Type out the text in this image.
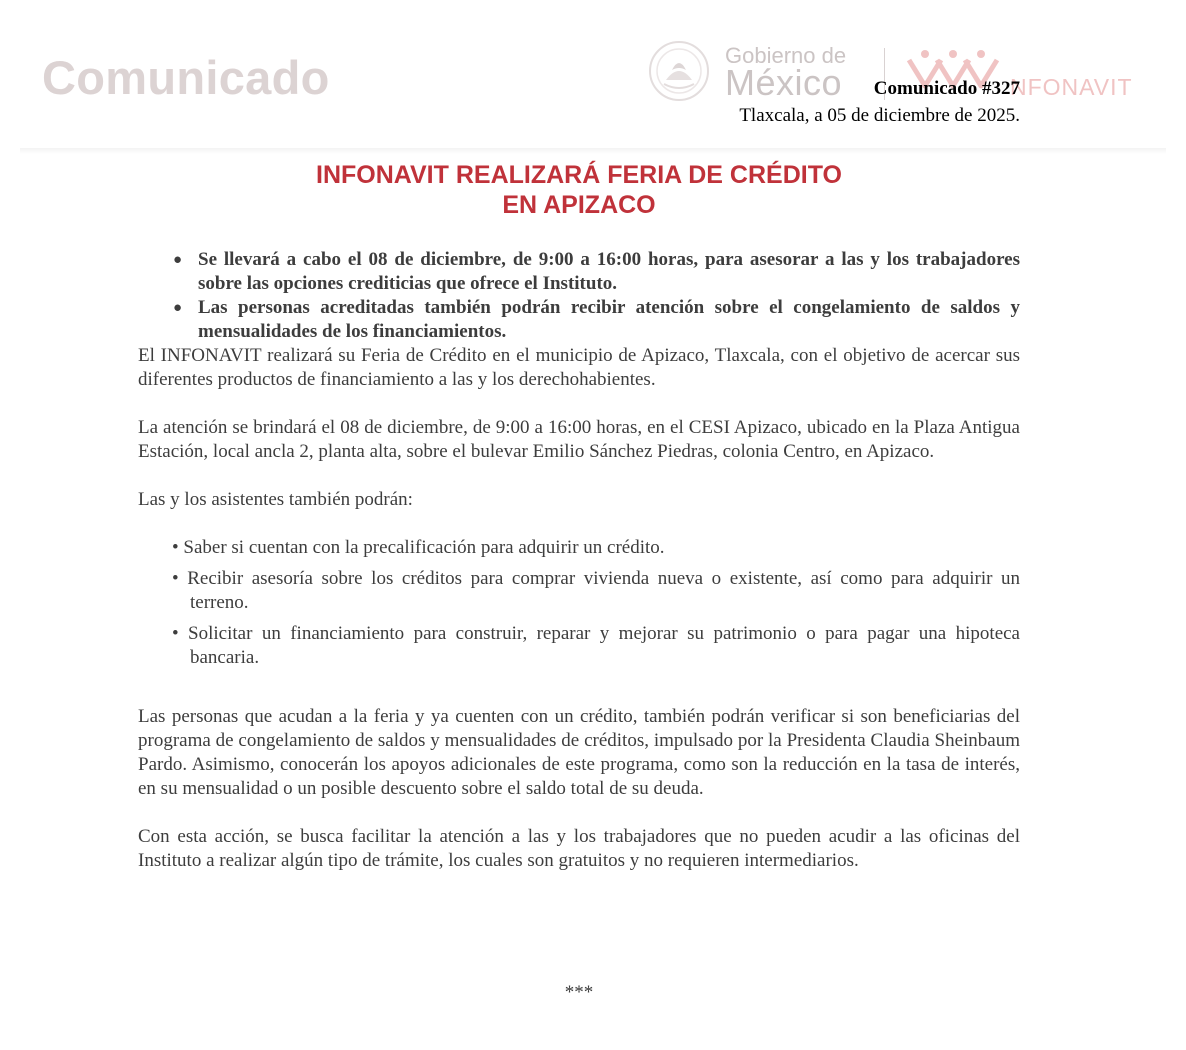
Comunicado	Gobierno de
México	NFONAVIT
Comunicado #327
Tlaxcala, a 05 de diciembre de 2025.
INFONAVIT REALIZARÁ FERIA DE CRÉDITO
EN APIZACO
● Se llevará a cabo el 08 de diciembre, de 9:00 a 16:00 horas, para asesorar a las y los trabajadores sobre las opciones crediticias que ofrece el Instituto.
● Las personas acreditadas también podrán recibir atención sobre el congelamiento de saldos y mensualidades de los financiamientos.

El INFONAVIT realizará su Feria de Crédito en el municipio de Apizaco, Tlaxcala, con el objetivo de acercar sus diferentes productos de financiamiento a las y los derechohabientes.

La atención se brindará el 08 de diciembre, de 9:00 a 16:00 horas, en el CESI Apizaco, ubicado en la Plaza Antigua Estación, local ancla 2, planta alta, sobre el bulevar Emilio Sánchez Piedras, colonia Centro, en Apizaco.

Las y los asistentes también podrán:

• Saber si cuentan con la precalificación para adquirir un crédito.
• Recibir asesoría sobre los créditos para comprar vivienda nueva o existente, así como para adquirir un terreno.
• Solicitar un financiamiento para construir, reparar y mejorar su patrimonio o para pagar una hipoteca bancaria.

Las personas que acudan a la feria y ya cuenten con un crédito, también podrán verificar si son beneficiarias del programa de congelamiento de saldos y mensualidades de créditos, impulsado por la Presidenta Claudia Sheinbaum Pardo. Asimismo, conocerán los apoyos adicionales de este programa, como son la reducción en la tasa de interés, en su mensualidad o un posible descuento sobre el saldo total de su deuda.

Con esta acción, se busca facilitar la atención a las y los trabajadores que no pueden acudir a las oficinas del Instituto a realizar algún tipo de trámite, los cuales son gratuitos y no requieren intermediarios.

***
